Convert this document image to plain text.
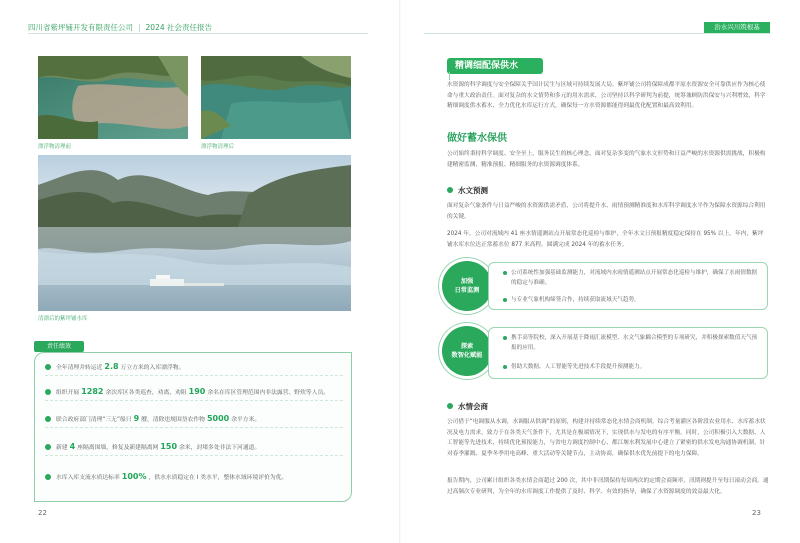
四川省紫坪铺开发有限责任公司 | 2024 社会责任报告	治水兴川筑根基
漂浮物清理前	漂浮物清理后
清漂后的紫坪铺水库
责任绩效
全年清理并转运近 2.8 万立方米的入库漂浮物。
组织开展 1282 余次库区各类巡查，劝离、劝阻 190 余名在库区管理范围内非法露营、野炊等人员。
联合政府部门清理“三无”船只 9 艘，清除违规围垦农作物 5000 余平方米。
新建 4 座隔离围墙，修复及新建隔离网 150 余米，封堵多处非法下河通道。
水库入库支流水质达标率 100% ，供水水质稳定在 I 类水平，整体水域环境评价为优。
22
精调细配保供水
水资源的科学调度与安全保障关乎国计民生与区域可持续发展大局。紫坪铺公司将保障成都平原水资源安全可靠供应作为核心使命与重大政治责任。面对复杂的水文情势和多元的用水需求，公司坚持以科学研判为前提，统筹兼顾防洪保安与兴利增效，科学精细调度供水蓄水，全力优化水库运行方式，确保每一方水资源都能得到最优化配置和最高效利用。
做好蓄水保供
公司始终秉持科学调度、安全至上，服务民生的核心理念，面对复杂多变的气象水文形势和日益严峻的水资源供需挑战，积极构建精密监测、精准预报、精细服务的水资源调度体系。
水文预测
面对复杂气象条件与日益严峻的水资源供需矛盾，公司将提升水、雨情预测精准度和水库科学调度水平作为保障水资源综合利用的关键。
2024 年，公司对流域内 41 座水情遥测站点开展常态化巡检与维护，全年水文日预报精度稳定保持在 95% 以上。年内，紫坪铺水库水位达正常蓄水位 877 米高程，圆满完成 2024 年的蓄水任务。
加强
日常监测
公司系统性加强基础监测能力，对流域内水雨情遥测站点开展常态化巡检与维护，确保了水雨情数据的稳定与准确。
与专业气象机构缔签合作，持续获取流域天气趋势。
探索
数智化赋能
携手高等院校，深入开展基于降雨汇流模型、水文气象耦合模型的专项研究，并积极探索数值天气预报的应用。
借助大数据、人工智能等先进技术手段提升预测能力。
水情会商
公司借于“电调服从水调，水调服从供调”的原则，构建并持续常态化水情会商机制。综合考量灌区各阶段农业用水、水库蓄水状况及电力需求，致力于在各类天气条件下，尤其是在极端情况下，实现供水与发电的有序平衡。同时，公司积极引入大数据、人工智能等先进技术，持续优化预报能力，与省电力调度控制中心、都江堰水利发展中心建立了紧密的供水发电沟通协调机制，针对春季灌溉、夏季冬季用电高峰、重大活动等关键节点，主动协商，确保供水优先前提下的电力保障。
报告期内，公司累计组织各类水情会商超过 200 次，其中非汛期保持每周两次的定期会商频率，汛期则提升至每日滚动会商。通过高频次专业研判，为全年的水库调度工作提供了及时、科学、有效的指导，确保了水资源调度的效益最大化。
23
